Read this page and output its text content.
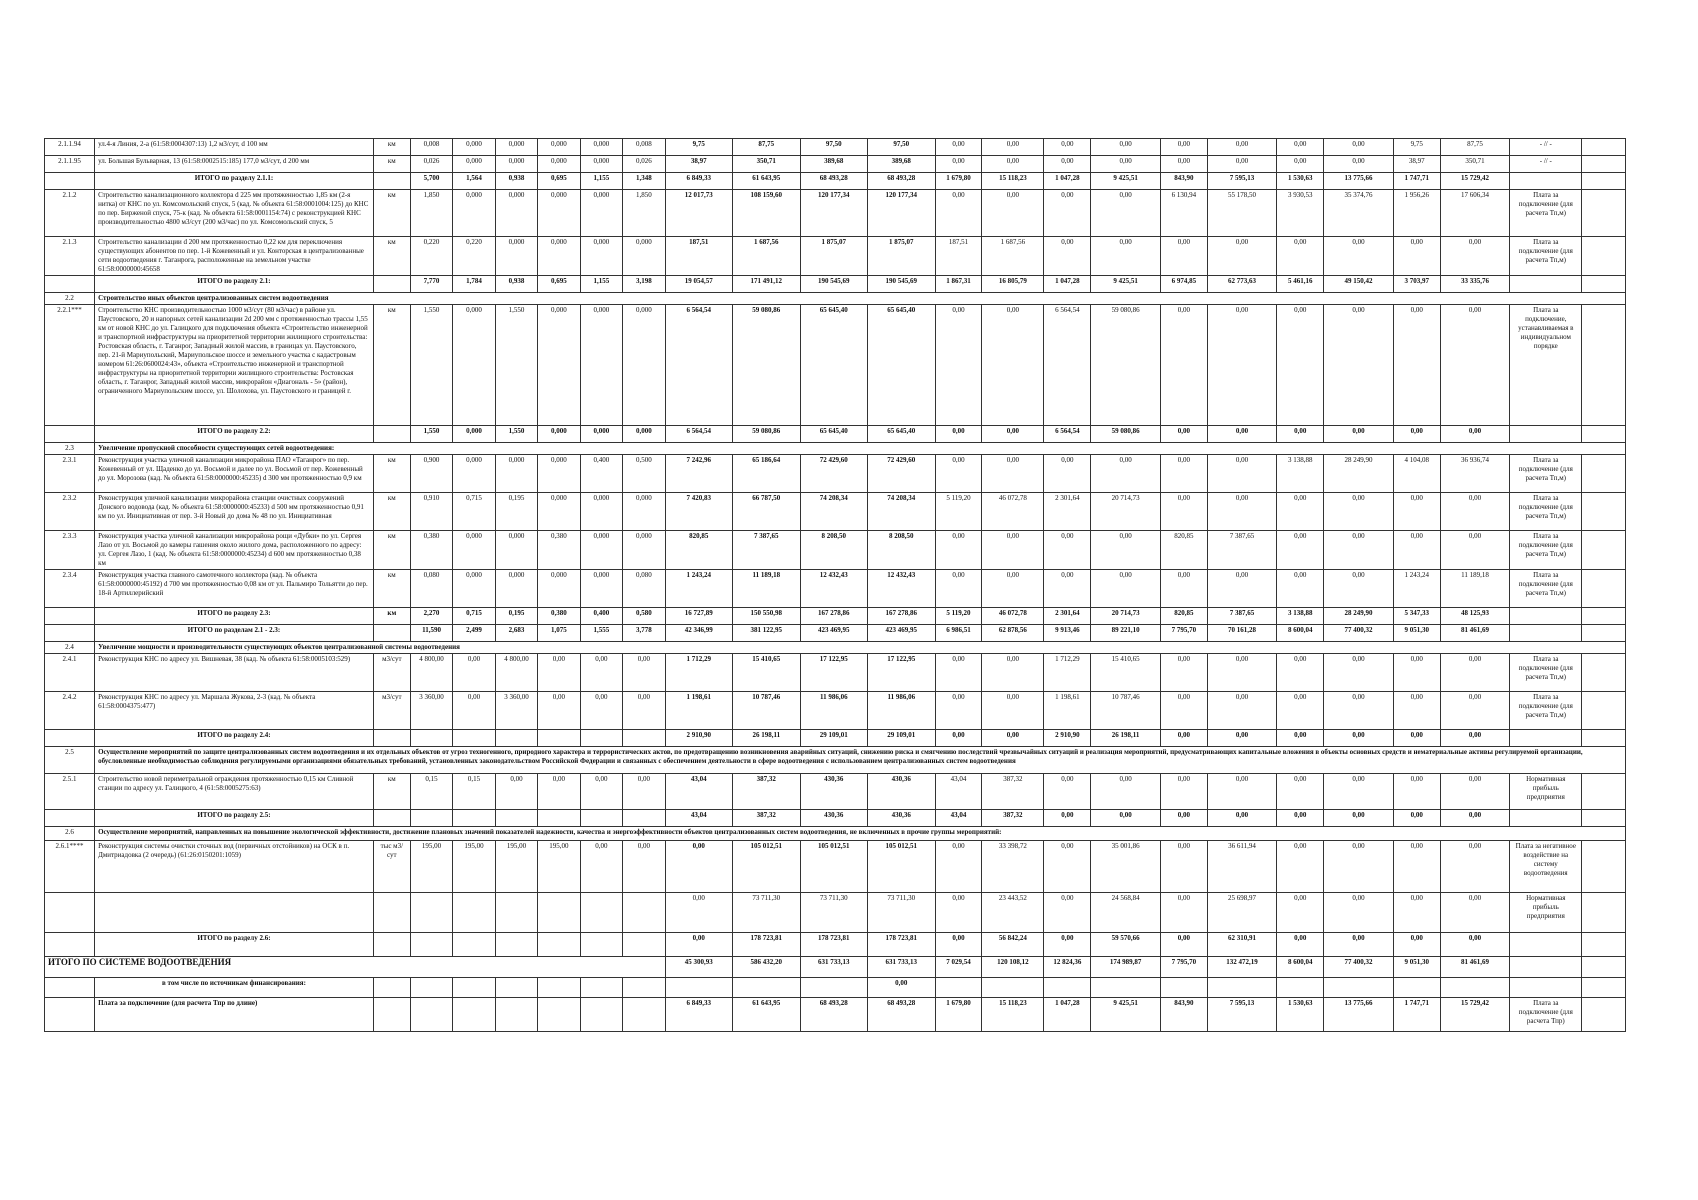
2.1.1.94	ул.4-я Линия, 2-а (61:58:0004307:13) 1,2 м3/сут, d 100 мм	км	0,008	0,000	0,000	0,000	0,000	0,008	9,75	87,75	97,50	97,50	0,00	0,00	0,00	0,00	0,00	0,00	0,00	0,00	9,75	87,75	- // -	
2.1.1.95	ул. Большая Бульварная, 13 (61:58:0002515:185) 177,0 м3/сут, d 200 мм	км	0,026	0,000	0,000	0,000	0,000	0,026	38,97	350,71	389,68	389,68	0,00	0,00	0,00	0,00	0,00	0,00	0,00	0,00	38,97	350,71	- // -	
	ИТОГО по разделу 2.1.1:		5,700	1,564	0,938	0,695	1,155	1,348	6 849,33	61 643,95	68 493,28	68 493,28	1 679,80	15 118,23	1 047,28	9 425,51	843,90	7 595,13	1 530,63	13 775,66	1 747,71	15 729,42		
2.1.2	Строительство канализационного коллектора d 225 мм протяженностью 1,85 км (2-я нитка) от КНС по ул. Комсомольский спуск, 5 (кад. № объекта 61:58:0001004:125) до КНС по пер. Бирженой спуск, 75-к (кад. № объекта 61:58:0001154:74) с реконструкцией КНС производительностью 4800 м3/сут (200 м3/час) по ул. Комсомольский спуск, 5	км	1,850	0,000	0,000	0,000	0,000	1,850	12 017,73	108 159,60	120 177,34	120 177,34	0,00	0,00	0,00	0,00	6 130,94	55 178,50	3 930,53	35 374,76	1 956,26	17 606,34	Плата за подключение (для расчета Тп,м)	
2.1.3	Строительство канализации d 200 мм протяженностью 0,22 км для переключения существующих абонентов по пер. 1-й Кожевенный и ул. Конторская в централизованные сети водоотведения г. Таганрога, расположенные на земельном участке 61:58:0000000:45658	км	0,220	0,220	0,000	0,000	0,000	0,000	187,51	1 687,56	1 875,07	1 875,07	187,51	1 687,56	0,00	0,00	0,00	0,00	0,00	0,00	0,00	0,00	Плата за подключение (для расчета Тп,м)	
	ИТОГО по разделу 2.1:		7,770	1,784	0,938	0,695	1,155	3,198	19 054,57	171 491,12	190 545,69	190 545,69	1 867,31	16 805,79	1 047,28	9 425,51	6 974,85	62 773,63	5 461,16	49 150,42	3 703,97	33 335,76		
2.2	Строительство иных объектов централизованных систем водоотведения																							
2.2.1***	Строительство КНС производительностью 1000 м3/сут (80 м3/час) в районе ул. Паустовского, 20 и напорных сетей канализации 2d 200 мм с протяженностью трассы 1,55 км от новой КНС до ул. Галицкого для подключения объекта «Строительство инженерной и транспортной инфраструктуры на приоритетной территории жилищного строительства: Ростовская область, г. Таганрог, Западный жилой массив, в границах ул. Паустовского, пер. 21-й Мариупольский, Мариупольское шоссе и земельного участка с кадастровым номером 61:26:0600024:43», объекта «Строительство инженерной и транспортной инфраструктуры на приоритетной территории жилищного строительства: Ростовская область, г. Таганрог, Западный жилой массив, микрорайон «Диагональ - 5» (район), ограниченного Мариупольским шоссе, ул. Шолохова, ул. Паустовского и границей г.	км	1,550	0,000	1,550	0,000	0,000	0,000	6 564,54	59 080,86	65 645,40	65 645,40	0,00	0,00	6 564,54	59 080,86	0,00	0,00	0,00	0,00	0,00	0,00	Плата за подключение, устанавливаемая в индивидуальном порядке	
	ИТОГО по разделу 2.2:		1,550	0,000	1,550	0,000	0,000	0,000	6 564,54	59 080,86	65 645,40	65 645,40	0,00	0,00	6 564,54	59 080,86	0,00	0,00	0,00	0,00	0,00	0,00		
2.3	Увеличение пропускной способности существующих сетей водоотведения:																							
2.3.1	Реконструкция участка уличной канализации микрорайона ПАО «Таганрог» по пер. Кожевенный от ул. Щаденко до ул. Восьмой и далее по ул. Восьмой от пер. Кожевенный до ул. Морозова (кад. № объекта 61:58:0000000:45235) d 300 мм протяженностью 0,9 км	км	0,900	0,000	0,000	0,000	0,400	0,500	7 242,96	65 186,64	72 429,60	72 429,60	0,00	0,00	0,00	0,00	0,00	0,00	3 138,88	28 249,90	4 104,08	36 936,74	Плата за подключение (для расчета Тп,м)	
2.3.2	Реконструкция уличной канализации микрорайона станции очистных сооружений Донского водовода (кад. № объекта 61:58:0000000:45233) d 500 мм протяженностью 0,91 км по ул. Инициативная от пер. 3-й Новый до дома № 48 по ул. Инициативная	км	0,910	0,715	0,195	0,000	0,000	0,000	7 420,83	66 787,50	74 208,34	74 208,34	5 119,20	46 072,78	2 301,64	20 714,73	0,00	0,00	0,00	0,00	0,00	0,00	Плата за подключение (для расчета Тп,м)	
2.3.3	Реконструкция участка уличной канализации микрорайона рощи «Дубки» по ул. Сергея Лазо от ул. Восьмой до камеры гашения около жилого дома, расположенного по адресу: ул. Сергея Лазо, 1 (кад. № объекта 61:58:0000000:45234) d 600 мм протяженностью 0,38 км	км	0,380	0,000	0,000	0,380	0,000	0,000	820,85	7 387,65	8 208,50	8 208,50	0,00	0,00	0,00	0,00	820,85	7 387,65	0,00	0,00	0,00	0,00	Плата за подключение (для расчета Тп,м)	
2.3.4	Реконструкция участка главного самотечного коллектора (кад. № объекта 61:58:0000000:45192) d 700 мм протяженностью 0,08 км от ул. Пальмиро Тольятти до пер. 18-й Артиллерийский	км	0,080	0,000	0,000	0,000	0,000	0,080	1 243,24	11 189,18	12 432,43	12 432,43	0,00	0,00	0,00	0,00	0,00	0,00	0,00	0,00	1 243,24	11 189,18	Плата за подключение (для расчета Тп,м)	
	ИТОГО по разделу 2.3:	км	2,270	0,715	0,195	0,380	0,400	0,580	16 727,89	150 550,98	167 278,86	167 278,86	5 119,20	46 072,78	2 301,64	20 714,73	820,85	7 387,65	3 138,88	28 249,90	5 347,33	48 125,93		
	ИТОГО по разделам 2.1 - 2.3:		11,590	2,499	2,683	1,075	1,555	3,778	42 346,99	381 122,95	423 469,95	423 469,95	6 986,51	62 878,56	9 913,46	89 221,10	7 795,70	70 161,28	8 600,04	77 400,32	9 051,30	81 461,69		
2.4	Увеличение мощности и производительности существующих объектов централизованной системы водоотведения																							
2.4.1	Реконструкция КНС по адресу ул. Вишневая, 38 (кад. № объекта 61:58:0005103:529)	м3/сут	4 800,00	0,00	4 800,00	0,00	0,00	0,00	1 712,29	15 410,65	17 122,95	17 122,95	0,00	0,00	1 712,29	15 410,65	0,00	0,00	0,00	0,00	0,00	0,00	Плата за подключение (для расчета Тп,м)	
2.4.2	Реконструкция КНС по адресу ул. Маршала Жукова, 2-3 (кад. № объекта 61:58:0004375:477)	м3/сут	3 360,00	0,00	3 360,00	0,00	0,00	0,00	1 198,61	10 787,46	11 986,06	11 986,06	0,00	0,00	1 198,61	10 787,46	0,00	0,00	0,00	0,00	0,00	0,00	Плата за подключение (для расчета Тп,м)	
	ИТОГО по разделу 2.4:								2 910,90	26 198,11	29 109,01	29 109,01	0,00	0,00	2 910,90	26 198,11	0,00	0,00	0,00	0,00	0,00	0,00		
2.5	Осуществление мероприятий по защите централизованных систем водоотведения и их отдельных объектов от угроз техногенного, природного характера и террористических актов, по предотвращению возникновения аварийных ситуаций, снижению риска и смягчению последствий чрезвычайных ситуаций и реализация мероприятий, предусматривающих капитальные вложения в объекты основных средств и нематериальные активы регулируемой организации, обусловленные необходимостью соблюдения регулируемыми организациями обязательных требований, установленных законодательством Российской Федерации и связанных с обеспечением деятельности в сфере водоотведения с использованием централизованных систем водоотведения																							
2.5.1	Строительство новой периметральной ограждения протяженностью 0,15 км Сливной станции по адресу ул. Галицкого, 4 (61:58:0005275:63)	км	0,15	0,15	0,00	0,00	0,00	0,00	43,04	387,32	430,36	430,36	43,04	387,32	0,00	0,00	0,00	0,00	0,00	0,00	0,00	0,00	Нормативная прибыль предприятия	
	ИТОГО по разделу 2.5:								43,04	387,32	430,36	430,36	43,04	387,32	0,00	0,00	0,00	0,00	0,00	0,00	0,00	0,00		
2.6	Осуществление мероприятий, направленных на повышение экологической эффективности, достижение плановых значений показателей надежности, качества и энергоэффективности объектов централизованных систем водоотведения, не включенных в прочие группы мероприятий:																							
2.6.1****	Реконструкция системы очистки сточных вод (первичных отстойников) на ОСК в п. Дмитриадовка (2 очередь) (61:26:0150201:1059)	тыс м3/сут	195,00	195,00	195,00	195,00	0,00	0,00	0,00	105 012,51	105 012,51	105 012,51	0,00	33 398,72	0,00	35 001,86	0,00	36 611,94	0,00	0,00	0,00	0,00	Плата за негативное воздействие на систему водоотведения	
									0,00	73 711,30	73 711,30	73 711,30	0,00	23 443,52	0,00	24 568,84	0,00	25 698,97	0,00	0,00	0,00	0,00	Нормативная прибыль предприятия	
	ИТОГО по разделу 2.6:								0,00	178 723,81	178 723,81	178 723,81	0,00	56 842,24	0,00	59 570,66	0,00	62 310,91	0,00	0,00	0,00	0,00		
ИТОГО ПО СИСТЕМЕ ВОДООТВЕДЕНИЯ									45 300,93	586 432,20	631 733,13	631 733,13	7 029,54	120 108,12	12 824,36	174 989,87	7 795,70	132 472,19	8 600,04	77 400,32	9 051,30	81 461,69		
	в том числе по источникам финансирования:											0,00												
	Плата за подключение (для расчета Тпр по длине)								6 849,33	61 643,95	68 493,28	68 493,28	1 679,80	15 118,23	1 047,28	9 425,51	843,90	7 595,13	1 530,63	13 775,66	1 747,71	15 729,42	Плата за подключение (для расчета Тпр)	
